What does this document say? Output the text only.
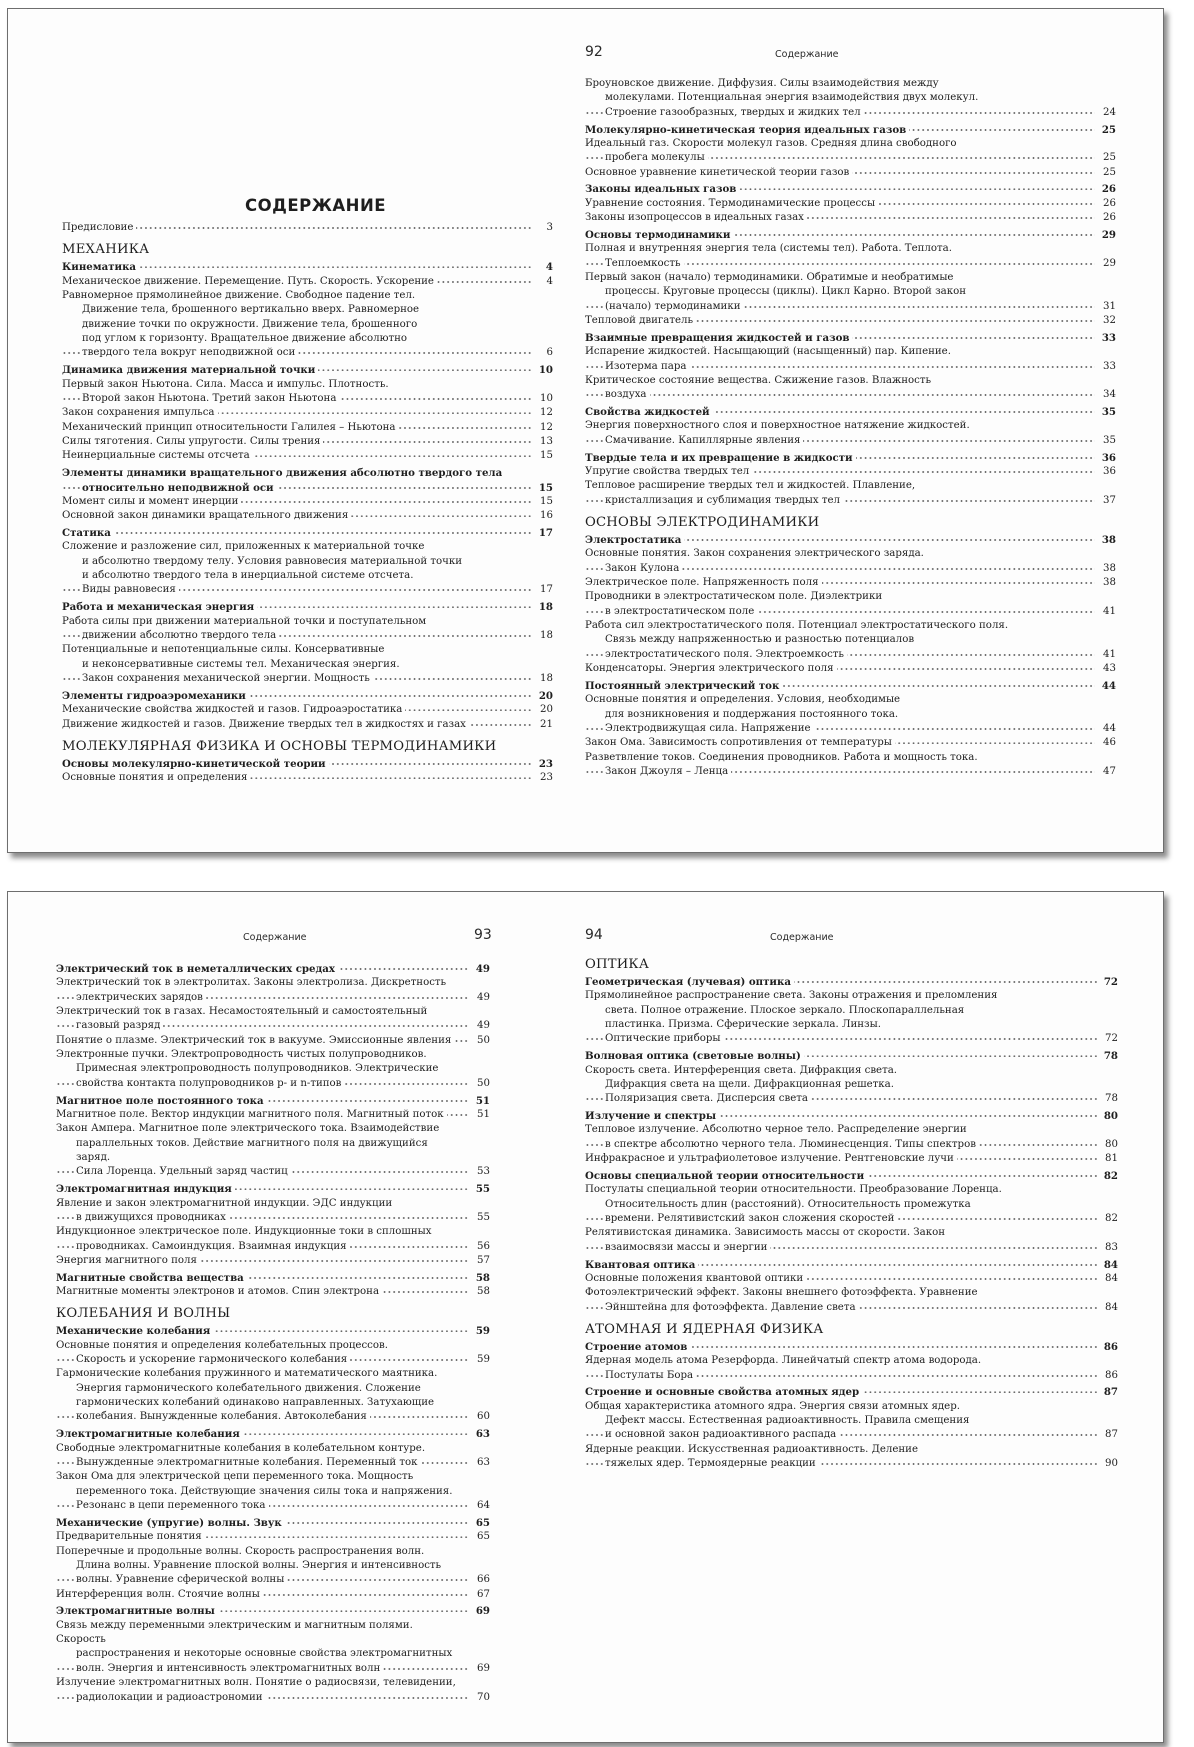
СОДЕРЖАНИЕ
Предисловие	3
МЕХАНИКА
Кинематика	4
Механическое движение. Перемещение. Путь. Скорость. Ускорение	4
Равномерное прямолинейное движение. Свободное падение тел.
Движение тела, брошенного вертикально вверх. Равномерное
движение точки по окружности. Движение тела, брошенного
под углом к горизонту. Вращательное движение абсолютно
твердого тела вокруг неподвижной оси	6
Динамика движения материальной точки	10
Первый закон Ньютона. Сила. Масса и импульс. Плотность.
Второй закон Ньютона. Третий закон Ньютона	10
Закон сохранения импульса	12
Механический принцип относительности Галилея – Ньютона	12
Силы тяготения. Силы упругости. Силы трения	13
Неинерциальные системы отсчета	15
Элементы динамики вращательного движения абсолютно твердого тела
относительно неподвижной оси	15
Момент силы и момент инерции	15
Основной закон динамики вращательного движения	16
Статика	17
Сложение и разложение сил, приложенных к материальной точке
и абсолютно твердому телу. Условия равновесия материальной точки
и абсолютно твердого тела в инерциальной системе отсчета.
Виды равновесия	17
Работа и механическая энергия	18
Работа силы при движении материальной точки и поступательном
движении абсолютно твердого тела	18
Потенциальные и непотенциальные силы. Консервативные
и неконсервативные системы тел. Механическая энергия.
Закон сохранения механической энергии. Мощность	18
Элементы гидроаэромеханики	20
Механические свойства жидкостей и газов. Гидроаэростатика	20
Движение жидкостей и газов. Движение твердых тел в жидкостях и газах	21
МОЛЕКУЛЯРНАЯ ФИЗИКА И ОСНОВЫ ТЕРМОДИНАМИКИ
Основы молекулярно-кинетической теории	23
Основные понятия и определения	23
92	Содержание
Броуновское движение. Диффузия. Силы взаимодействия между
молекулами. Потенциальная энергия взаимодействия двух молекул.
Строение газообразных, твердых и жидких тел	24
Молекулярно-кинетическая теория идеальных газов	25
Идеальный газ. Скорости молекул газов. Средняя длина свободного
пробега молекулы	25
Основное уравнение кинетической теории газов	25
Законы идеальных газов	26
Уравнение состояния. Термодинамические процессы	26
Законы изопроцессов в идеальных газах	26
Основы термодинамики	29
Полная и внутренняя энергия тела (системы тел). Работа. Теплота.
Теплоемкость	29
Первый закон (начало) термодинамики. Обратимые и необратимые
процессы. Круговые процессы (циклы). Цикл Карно. Второй закон
(начало) термодинамики	31
Тепловой двигатель	32
Взаимные превращения жидкостей и газов	33
Испарение жидкостей. Насыщающий (насыщенный) пар. Кипение.
Изотерма пара	33
Критическое состояние вещества. Сжижение газов. Влажность
воздуха	34
Свойства жидкостей	35
Энергия поверхностного слоя и поверхностное натяжение жидкостей.
Смачивание. Капиллярные явления	35
Твердые тела и их превращение в жидкости	36
Упругие свойства твердых тел	36
Тепловое расширение твердых тел и жидкостей. Плавление,
кристаллизация и сублимация твердых тел	37
ОСНОВЫ ЭЛЕКТРОДИНАМИКИ
Электростатика	38
Основные понятия. Закон сохранения электрического заряда.
Закон Кулона	38
Электрическое поле. Напряженность поля	38
Проводники в электростатическом поле. Диэлектрики
в электростатическом поле	41
Работа сил электростатического поля. Потенциал электростатического поля.
Связь между напряженностью и разностью потенциалов
электростатического поля. Электроемкость	41
Конденсаторы. Энергия электрического поля	43
Постоянный электрический ток	44
Основные понятия и определения. Условия, необходимые
для возникновения и поддержания постоянного тока.
Электродвижущая сила. Напряжение	44
Закон Ома. Зависимость сопротивления от температуры	46
Разветвление токов. Соединения проводников. Работа и мощность тока.
Закон Джоуля – Ленца	47
Содержание	93
Электрический ток в неметаллических средах	49
Электрический ток в электролитах. Законы электролиза. Дискретность
электрических зарядов	49
Электрический ток в газах. Несамостоятельный и самостоятельный
газовый разряд	49
Понятие о плазме. Электрический ток в вакууме. Эмиссионные явления	50
Электронные пучки. Электропроводность чистых полупроводников.
Примесная электропроводность полупроводников. Электрические
свойства контакта полупроводников p- и n-типов	50
Магнитное поле постоянного тока	51
Магнитное поле. Вектор индукции магнитного поля. Магнитный поток	51
Закон Ампера. Магнитное поле электрического тока. Взаимодействие
параллельных токов. Действие магнитного поля на движущийся заряд.
Сила Лоренца. Удельный заряд частиц	53
Электромагнитная индукция	55
Явление и закон электромагнитной индукции. ЭДС индукции
в движущихся проводниках	55
Индукционное электрическое поле. Индукционные токи в сплошных
проводниках. Самоиндукция. Взаимная индукция	56
Энергия магнитного поля	57
Магнитные свойства вещества	58
Магнитные моменты электронов и атомов. Спин электрона	58
КОЛЕБАНИЯ И ВОЛНЫ
Механические колебания	59
Основные понятия и определения колебательных процессов.
Скорость и ускорение гармонического колебания	59
Гармонические колебания пружинного и математического маятника.
Энергия гармонического колебательного движения. Сложение
гармонических колебаний одинаково направленных. Затухающие
колебания. Вынужденные колебания. Автоколебания	60
Электромагнитные колебания	63
Свободные электромагнитные колебания в колебательном контуре.
Вынужденные электромагнитные колебания. Переменный ток	63
Закон Ома для электрической цепи переменного тока. Мощность
переменного тока. Действующие значения силы тока и напряжения.
Резонанс в цепи переменного тока	64
Механические (упругие) волны. Звук	65
Предварительные понятия	65
Поперечные и продольные волны. Скорость распространения волн.
Длина волны. Уравнение плоской волны. Энергия и интенсивность
волны. Уравнение сферической волны	66
Интерференция волн. Стоячие волны	67
Электромагнитные волны	69
Связь между переменными электрическим и магнитным полями. Скорость
распространения и некоторые основные свойства электромагнитных
волн. Энергия и интенсивность электромагнитных волн	69
Излучение электромагнитных волн. Понятие о радиосвязи, телевидении,
радиолокации и радиоастрономии	70
94	Содержание
ОПТИКА
Геометрическая (лучевая) оптика	72
Прямолинейное распространение света. Законы отражения и преломления
света. Полное отражение. Плоское зеркало. Плоскопараллельная
пластинка. Призма. Сферические зеркала. Линзы.
Оптические приборы	72
Волновая оптика (световые волны)	78
Скорость света. Интерференция света. Дифракция света.
Дифракция света на щели. Дифракционная решетка.
Поляризация света. Дисперсия света	78
Излучение и спектры	80
Тепловое излучение. Абсолютно черное тело. Распределение энергии
в спектре абсолютно черного тела. Люминесценция. Типы спектров	80
Инфракрасное и ультрафиолетовое излучение. Рентгеновские лучи	81
Основы специальной теории относительности	82
Постулаты специальной теории относительности. Преобразование Лоренца.
Относительность длин (расстояний). Относительность промежутка
времени. Релятивистский закон сложения скоростей	82
Релятивистская динамика. Зависимость массы от скорости. Закон
взаимосвязи массы и энергии	83
Квантовая оптика	84
Основные положения квантовой оптики	84
Фотоэлектрический эффект. Законы внешнего фотоэффекта. Уравнение
Эйнштейна для фотоэффекта. Давление света	84
АТОМНАЯ И ЯДЕРНАЯ ФИЗИКА
Строение атомов	86
Ядерная модель атома Резерфорда. Линейчатый спектр атома водорода.
Постулаты Бора	86
Строение и основные свойства атомных ядер	87
Общая характеристика атомного ядра. Энергия связи атомных ядер.
Дефект массы. Естественная радиоактивность. Правила смещения
и основной закон радиоактивного распада	87
Ядерные реакции. Искусственная радиоактивность. Деление
тяжелых ядер. Термоядерные реакции	90
